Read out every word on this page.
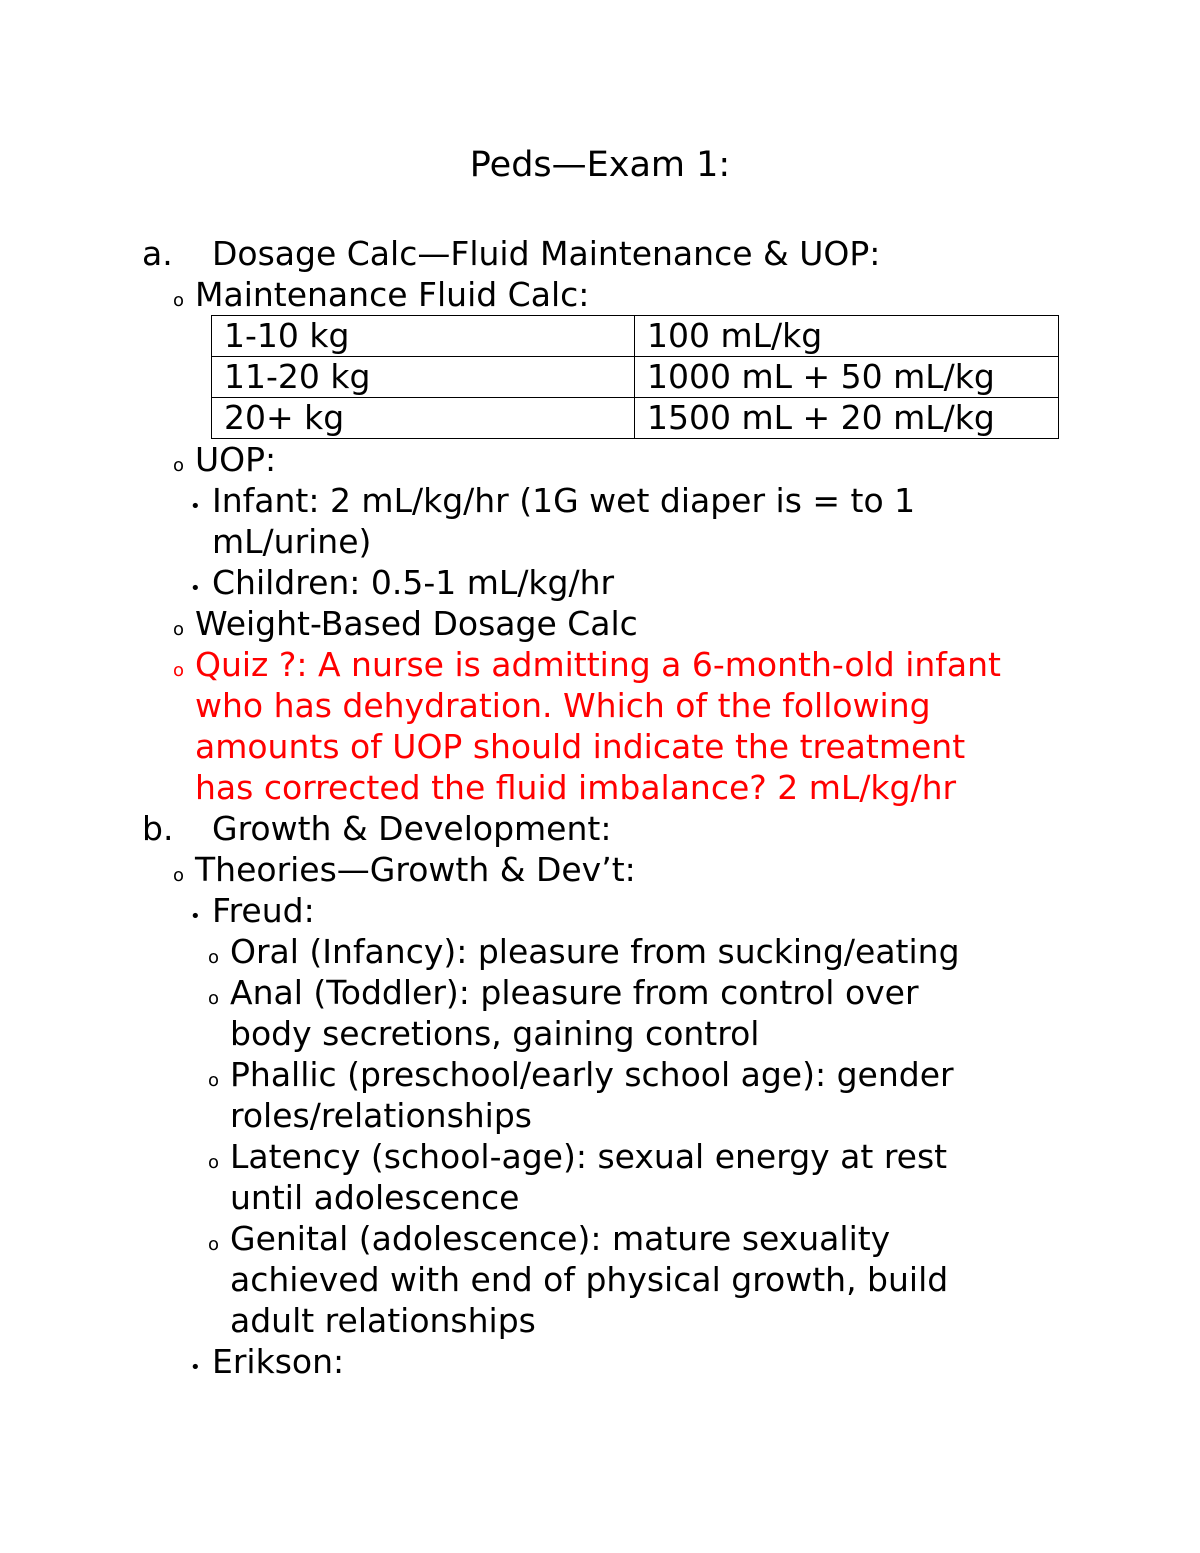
Peds—Exam 1:
a. Dosage Calc—Fluid Maintenance & UOP:
o Maintenance Fluid Calc:
1-10 kg	100 mL/kg
11-20 kg	1000 mL + 50 mL/kg
20+ kg	1500 mL + 20 mL/kg
o UOP:
• Infant: 2 mL/kg/hr (1G wet diaper is = to 1
mL/urine)
• Children: 0.5-1 mL/kg/hr
o Weight-Based Dosage Calc
o Quiz ?: A nurse is admitting a 6-month-old infant
who has dehydration. Which of the following
amounts of UOP should indicate the treatment
has corrected the fluid imbalance? 2 mL/kg/hr
b. Growth & Development:
o Theories—Growth & Dev’t:
• Freud:
o Oral (Infancy): pleasure from sucking/eating
o Anal (Toddler): pleasure from control over
body secretions, gaining control
o Phallic (preschool/early school age): gender
roles/relationships
o Latency (school-age): sexual energy at rest
until adolescence
o Genital (adolescence): mature sexuality
achieved with end of physical growth, build
adult relationships
• Erikson:
